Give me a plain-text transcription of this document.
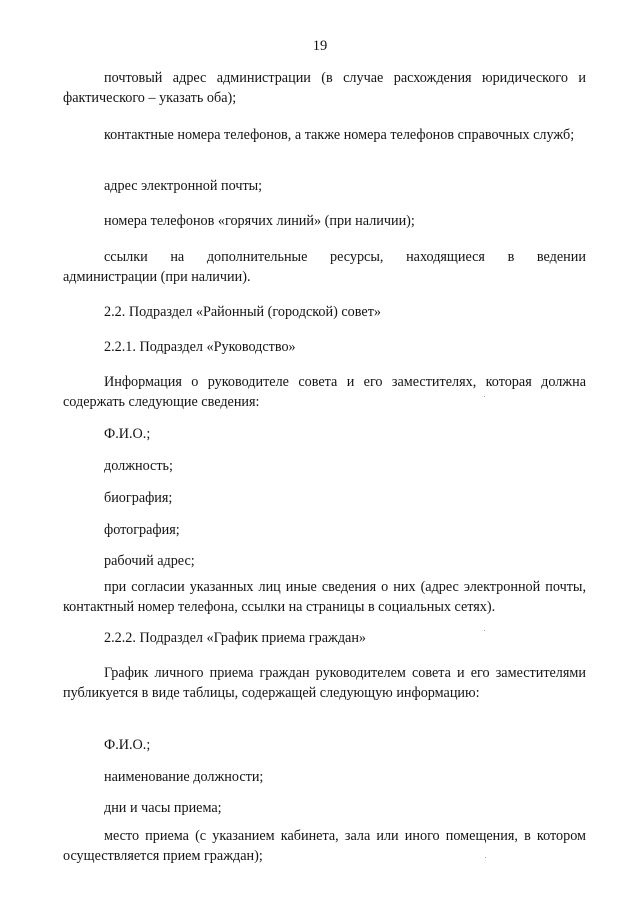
19

почтовый адрес администрации (в случае расхождения юридического и фактического – указать оба);

контактные номера телефонов, а также номера телефонов справочных служб;

адрес электронной почты;

номера телефонов «горячих линий» (при наличии);

ссылки на дополнительные ресурсы, находящиеся в ведении
администрации (при наличии).

2.2. Подраздел «Районный (городской) совет»

2.2.1. Подраздел «Руководство»

Информация о руководителе совета и его заместителях, которая должна содержать следующие сведения:

Ф.И.О.;

должность;

биография;

фотография;

рабочий адрес;

при согласии указанных лиц иные сведения о них (адрес электронной почты, контактный номер телефона, ссылки на страницы в социальных сетях).

2.2.2. Подраздел «График приема граждан»

График личного приема граждан руководителем совета и его заместителями публикуется в виде таблицы, содержащей следующую информацию:

Ф.И.О.;

наименование должности;

дни и часы приема;

место приема (с указанием кабинета, зала или иного помещения, в котором осуществляется прием граждан);
